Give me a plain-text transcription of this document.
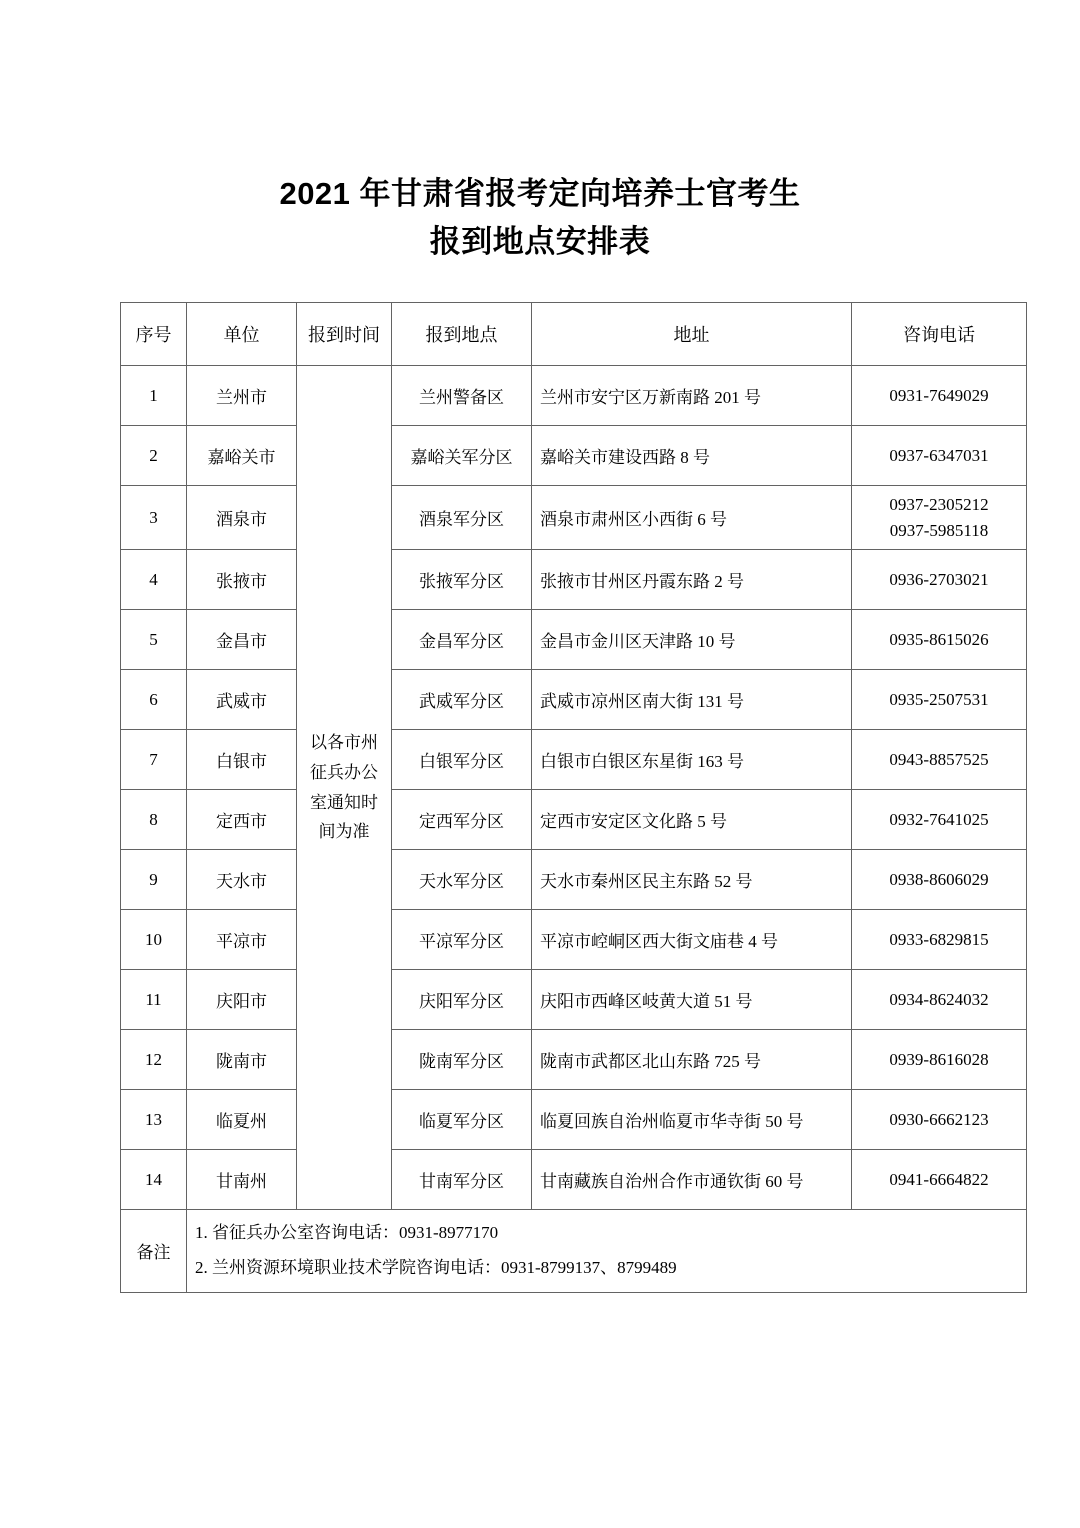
2021 年甘肃省报考定向培养士官考生
报到地点安排表
序号	单位	报到时间	报到地点	地址	咨询电话
1	兰州市	以各市州征兵办公室通知时间为准	兰州警备区	兰州市安宁区万新南路 201 号	0931-7649029

2	嘉峪关市		嘉峪关军分区	嘉峪关市建设西路 8 号	0937-6347031

3	酒泉市		酒泉军分区	酒泉市肃州区小西街 6 号	0937-2305212
0937-5985118

4	张掖市		张掖军分区	张掖市甘州区丹霞东路 2 号	0936-2703021

5	金昌市		金昌军分区	金昌市金川区天津路 10 号	0935-8615026

6	武威市		武威军分区	武威市凉州区南大街 131 号	0935-2507531

7	白银市		白银军分区	白银市白银区东星街 163 号	0943-8857525

8	定西市		定西军分区	定西市安定区文化路 5 号	0932-7641025

9	天水市		天水军分区	天水市秦州区民主东路 52 号	0938-8606029

10	平凉市		平凉军分区	平凉市崆峒区西大街文庙巷 4 号	0933-6829815

11	庆阳市		庆阳军分区	庆阳市西峰区岐黄大道 51 号	0934-8624032

12	陇南市		陇南军分区	陇南市武都区北山东路 725 号	0939-8616028

13	临夏州		临夏军分区	临夏回族自治州临夏市华寺街 50 号	0930-6662123

14	甘南州		甘南军分区	甘南藏族自治州合作市通钦街 60 号	0941-6664822

备注	1. 省征兵办公室咨询电话：0931-8977170
2. 兰州资源环境职业技术学院咨询电话：0931-8799137、8799489				
